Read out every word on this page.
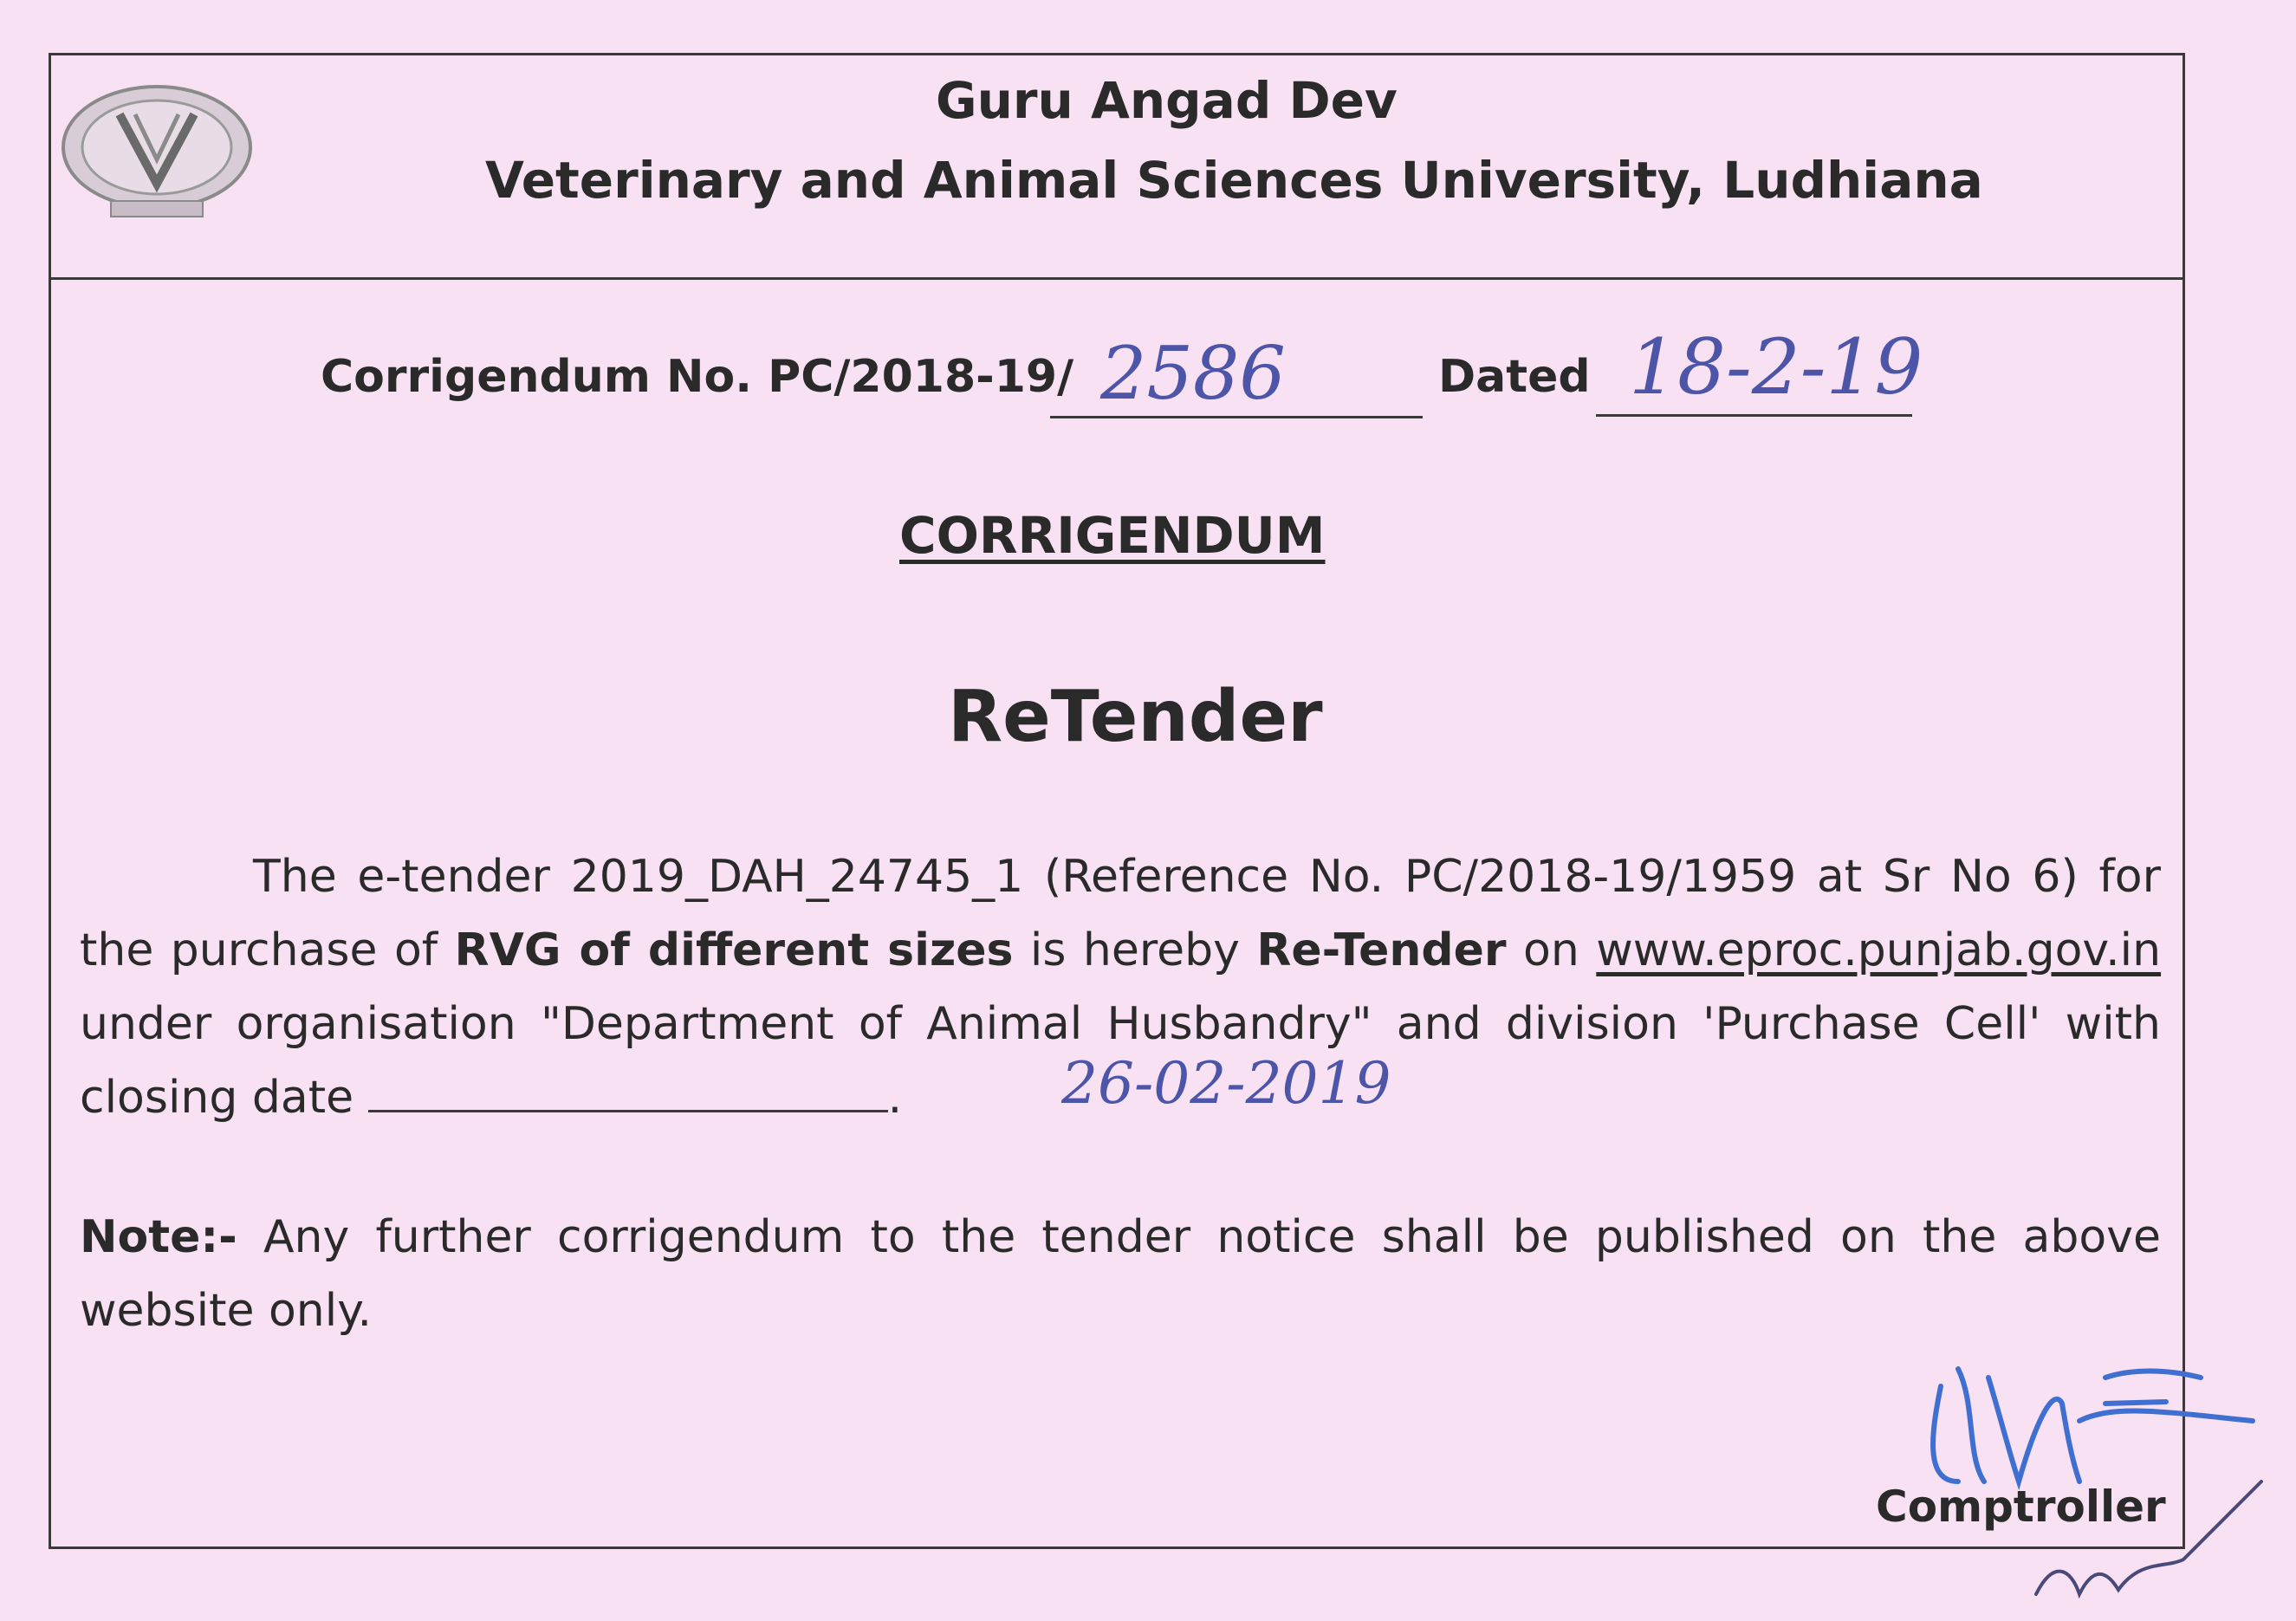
Guru Angad Dev
Veterinary and Animal Sciences University, Ludhiana
Corrigendum No. PC/2018-19/ 2586	Dated 18-2-19
CORRIGENDUM
ReTender
The e-tender 2019_DAH_24745_1 (Reference No. PC/2018-19/1959 at Sr No 6) for the purchase of RVG of different sizes is hereby Re-Tender on www.eproc.punjab.gov.in under organisation "Department of Animal Husbandry" and division 'Purchase Cell' with closing date	.	26-02-2019
Note:- Any further corrigendum to the tender notice shall be published on the above website only.
Comptroller
